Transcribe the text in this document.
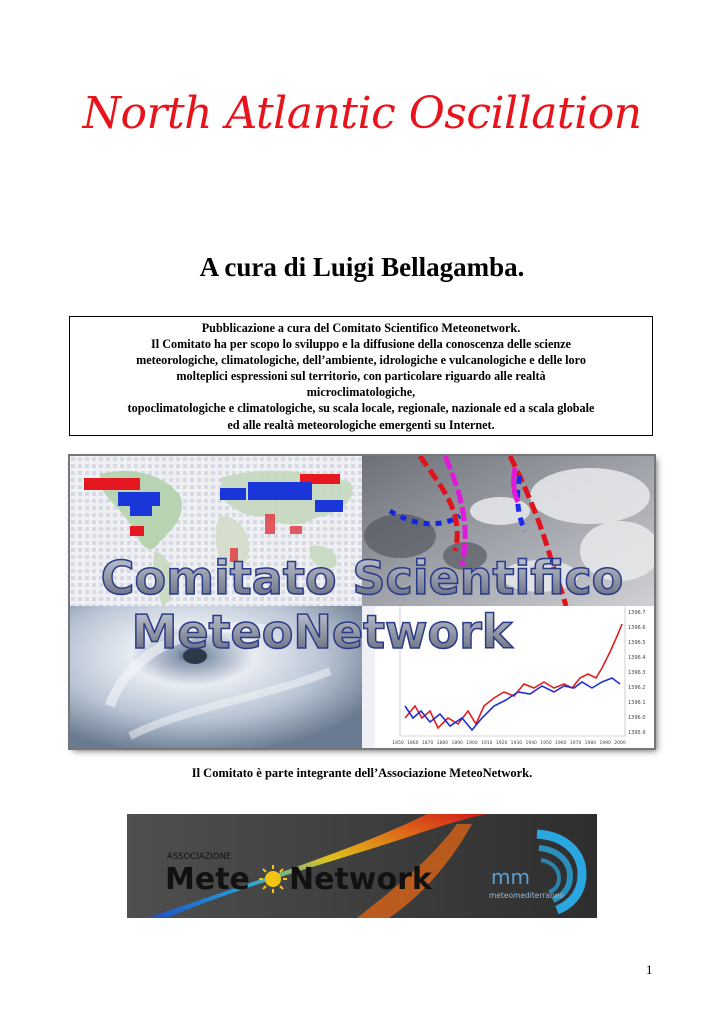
North Atlantic Oscillation
A cura di Luigi Bellagamba.
Pubblicazione a cura del Comitato Scientifico Meteonetwork.
Il Comitato ha per scopo lo sviluppo e la diffusione della conoscenza delle scienze
meteorologiche, climatologiche, dell’ambiente, idrologiche e vulcanologiche e delle loro
molteplici espressioni sul territorio, con particolare riguardo alle realtà
microclimatologiche,
topoclimatologiche e climatologiche, su scala locale, regionale, nazionale ed a scala globale
ed alle realtà meteorologiche emergenti su Internet.
Comitato Scientifico
MeteoNetwork	1396.7
1396.6
1396.5
1396.4
1396.3
1396.2
1396.1
1396.0
1395.9
1850 1860 1870 1880 1890 1900 1910 1920 1930 1940 1950 1960 1970 1980 1990 2000
Il Comitato è parte integrante dell’Associazione MeteoNetwork.
ASSOCIAZIONE
Mete Network	mm
meteomediterraneo
1
